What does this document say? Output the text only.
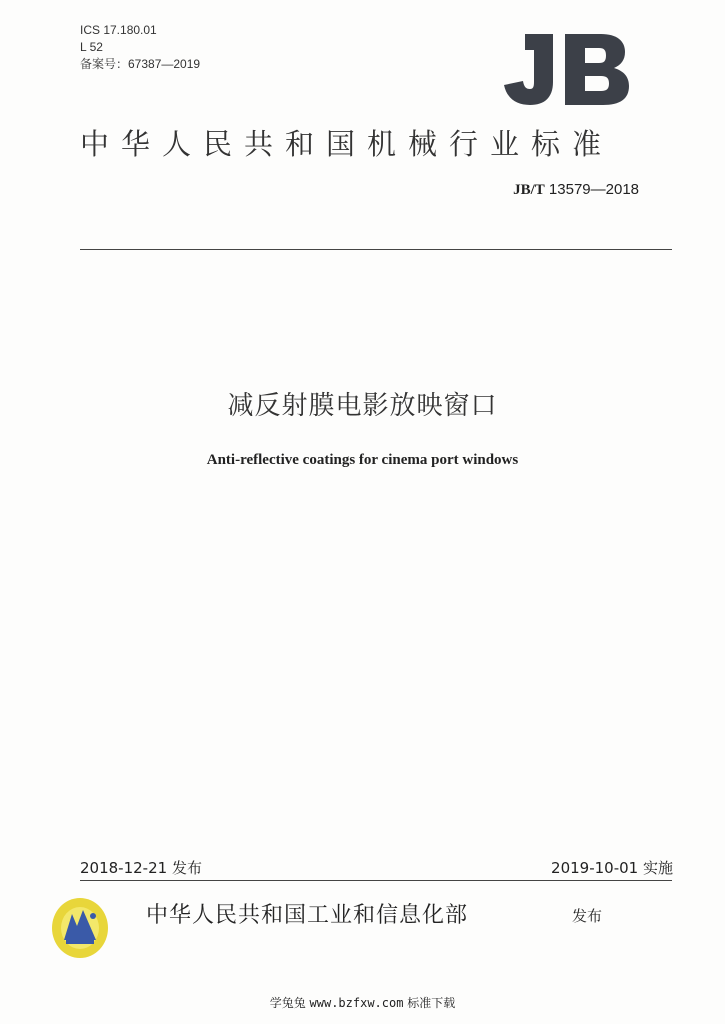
ICS 17.180.01
L 52
备案号：67387—2019
中华人民共和国机械行业标准
JB/T 13579—2018
减反射膜电影放映窗口
Anti-reflective coatings for cinema port windows
2018-12-21 发布	2019-10-01 实施
中华人民共和国工业和信息化部	发布
学兔兔 www.bzfxw.com 标准下载
